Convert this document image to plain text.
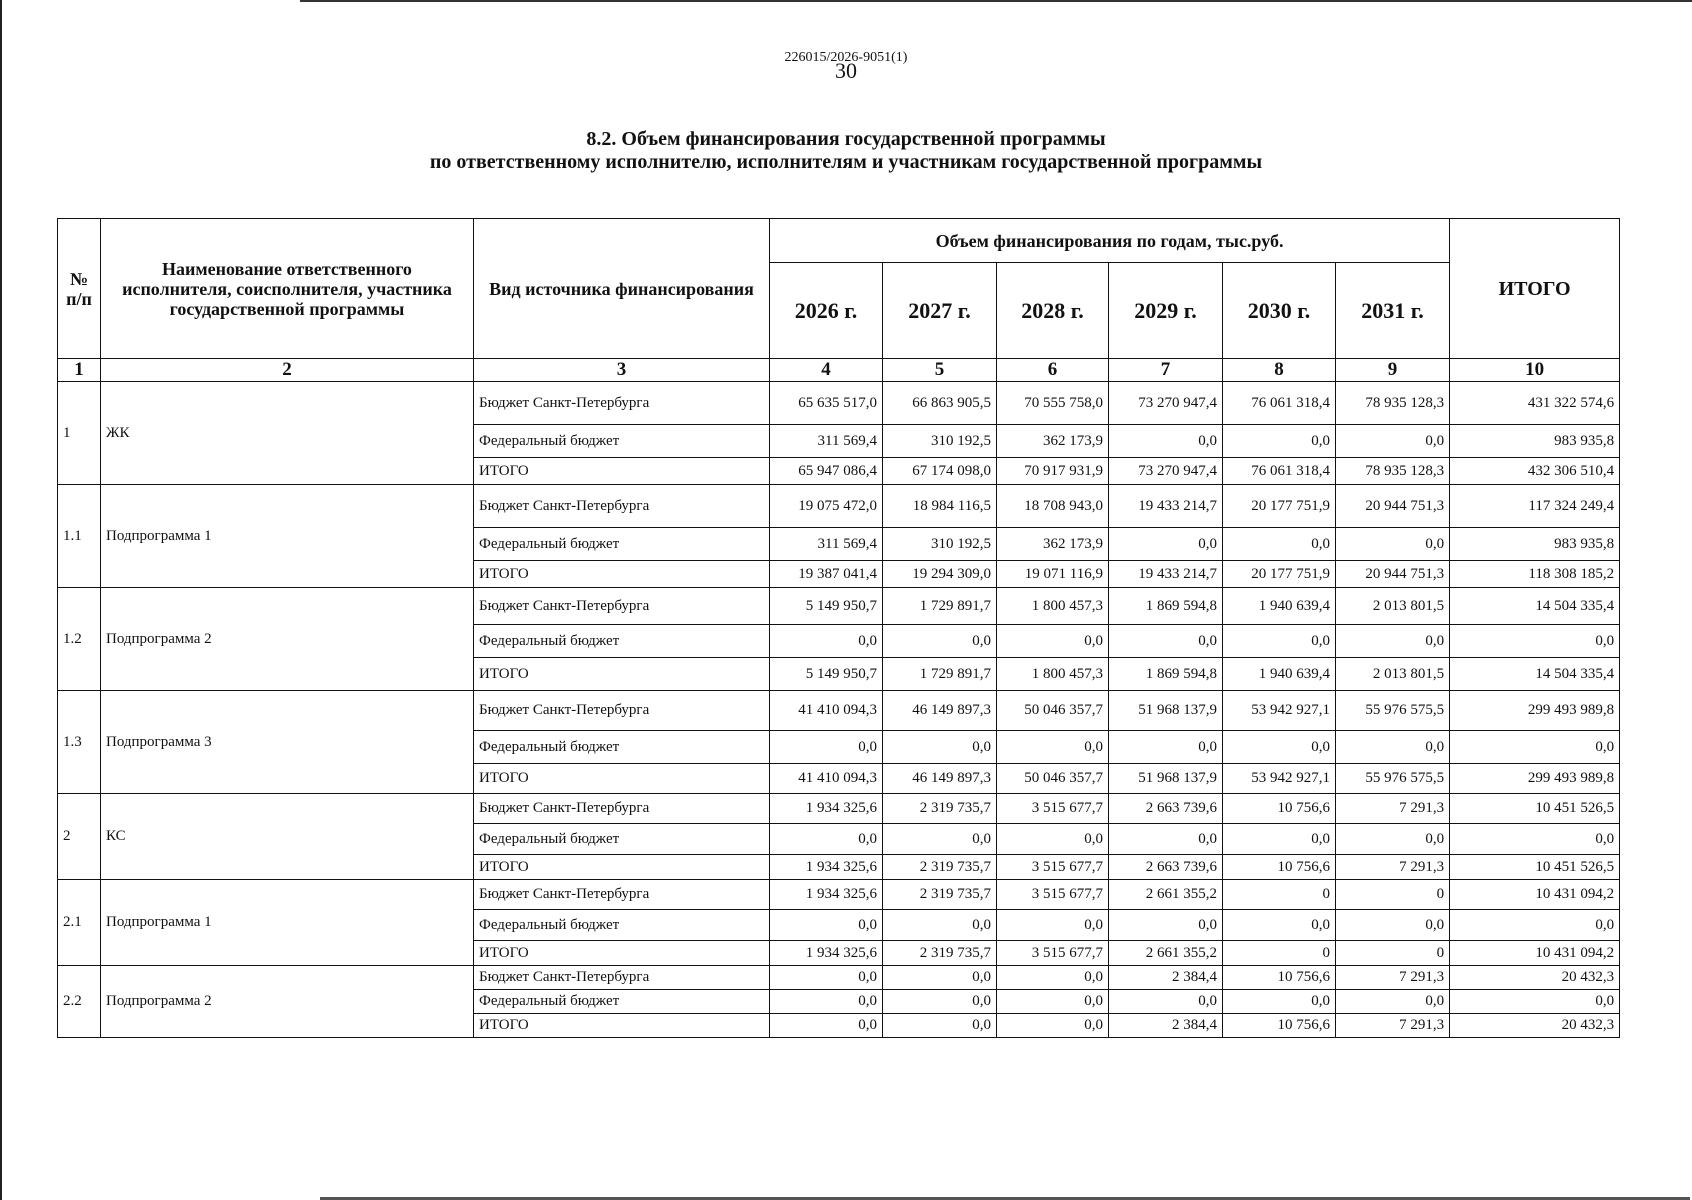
226015/2026-9051(1)
30
8.2. Объем финансирования государственной программы
по ответственному исполнителю, исполнителям и участникам государственной программы
№ п/п	Наименование ответственного исполнителя, соисполнителя, участника государственной программы	Вид источника финансирования	Объем финансирования по годам, тыс.руб.						ИТОГО
			2026 г.	2027 г.	2028 г.	2029 г.	2030 г.	2031 г.	
1	2	3	4	5	6	7	8	9	10
1	ЖК	Бюджет Санкт-Петербурга	65 635 517,0	66 863 905,5	70 555 758,0	73 270 947,4	76 061 318,4	78 935 128,3	431 322 574,6
		Федеральный бюджет	311 569,4	310 192,5	362 173,9	0,0	0,0	0,0	983 935,8
		ИТОГО	65 947 086,4	67 174 098,0	70 917 931,9	73 270 947,4	76 061 318,4	78 935 128,3	432 306 510,4
1.1	Подпрограмма 1	Бюджет Санкт-Петербурга	19 075 472,0	18 984 116,5	18 708 943,0	19 433 214,7	20 177 751,9	20 944 751,3	117 324 249,4
		Федеральный бюджет	311 569,4	310 192,5	362 173,9	0,0	0,0	0,0	983 935,8
		ИТОГО	19 387 041,4	19 294 309,0	19 071 116,9	19 433 214,7	20 177 751,9	20 944 751,3	118 308 185,2
1.2	Подпрограмма 2	Бюджет Санкт-Петербурга	5 149 950,7	1 729 891,7	1 800 457,3	1 869 594,8	1 940 639,4	2 013 801,5	14 504 335,4
		Федеральный бюджет	0,0	0,0	0,0	0,0	0,0	0,0	0,0
		ИТОГО	5 149 950,7	1 729 891,7	1 800 457,3	1 869 594,8	1 940 639,4	2 013 801,5	14 504 335,4
1.3	Подпрограмма 3	Бюджет Санкт-Петербурга	41 410 094,3	46 149 897,3	50 046 357,7	51 968 137,9	53 942 927,1	55 976 575,5	299 493 989,8
		Федеральный бюджет	0,0	0,0	0,0	0,0	0,0	0,0	0,0
		ИТОГО	41 410 094,3	46 149 897,3	50 046 357,7	51 968 137,9	53 942 927,1	55 976 575,5	299 493 989,8
2	КС	Бюджет Санкт-Петербурга	1 934 325,6	2 319 735,7	3 515 677,7	2 663 739,6	10 756,6	7 291,3	10 451 526,5
		Федеральный бюджет	0,0	0,0	0,0	0,0	0,0	0,0	0,0
		ИТОГО	1 934 325,6	2 319 735,7	3 515 677,7	2 663 739,6	10 756,6	7 291,3	10 451 526,5
2.1	Подпрограмма 1	Бюджет Санкт-Петербурга	1 934 325,6	2 319 735,7	3 515 677,7	2 661 355,2	0	0	10 431 094,2
		Федеральный бюджет	0,0	0,0	0,0	0,0	0,0	0,0	0,0
		ИТОГО	1 934 325,6	2 319 735,7	3 515 677,7	2 661 355,2	0	0	10 431 094,2
2.2	Подпрограмма 2	Бюджет Санкт-Петербурга	0,0	0,0	0,0	2 384,4	10 756,6	7 291,3	20 432,3
		Федеральный бюджет	0,0	0,0	0,0	0,0	0,0	0,0	0,0
		ИТОГО	0,0	0,0	0,0	2 384,4	10 756,6	7 291,3	20 432,3
